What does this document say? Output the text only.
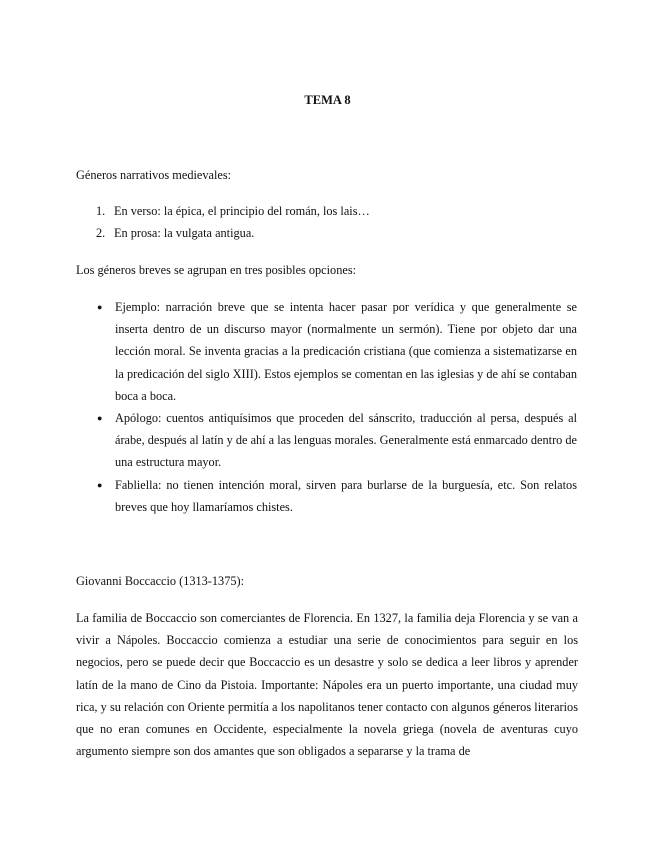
TEMA 8

Géneros narrativos medievales:

1. En verso: la épica, el principio del román, los lais…
2. En prosa: la vulgata antigua.

Los géneros breves se agrupan en tres posibles opciones:

● Ejemplo: narración breve que se intenta hacer pasar por verídica y que generalmente se inserta dentro de un discurso mayor (normalmente un sermón). Tiene por objeto dar una lección moral. Se inventa gracias a la predicación cristiana (que comienza a sistematizarse en la predicación del siglo XIII). Estos ejemplos se comentan en las iglesias y de ahí se contaban boca a boca.

● Apólogo: cuentos antiquísimos que proceden del sánscrito, traducción al persa, después al árabe, después al latín y de ahí a las lenguas morales. Generalmente está enmarcado dentro de una estructura mayor.

● Fabliella: no tienen intención moral, sirven para burlarse de la burguesía, etc. Son relatos breves que hoy llamaríamos chistes.

Giovanni Boccaccio (1313-1375):

La familia de Boccaccio son comerciantes de Florencia. En 1327, la familia deja Florencia y se van a vivir a Nápoles. Boccaccio comienza a estudiar una serie de conocimientos para seguir en los negocios, pero se puede decir que Boccaccio es un desastre y solo se dedica a leer libros y aprender latín de la mano de Cino da Pistoia. Importante: Nápoles era un puerto importante, una ciudad muy rica, y su relación con Oriente permitía a los napolitanos tener contacto con algunos géneros literarios que no eran comunes en Occidente, especialmente la novela griega (novela de aventuras cuyo argumento siempre son dos amantes que son obligados a separarse y la trama de
